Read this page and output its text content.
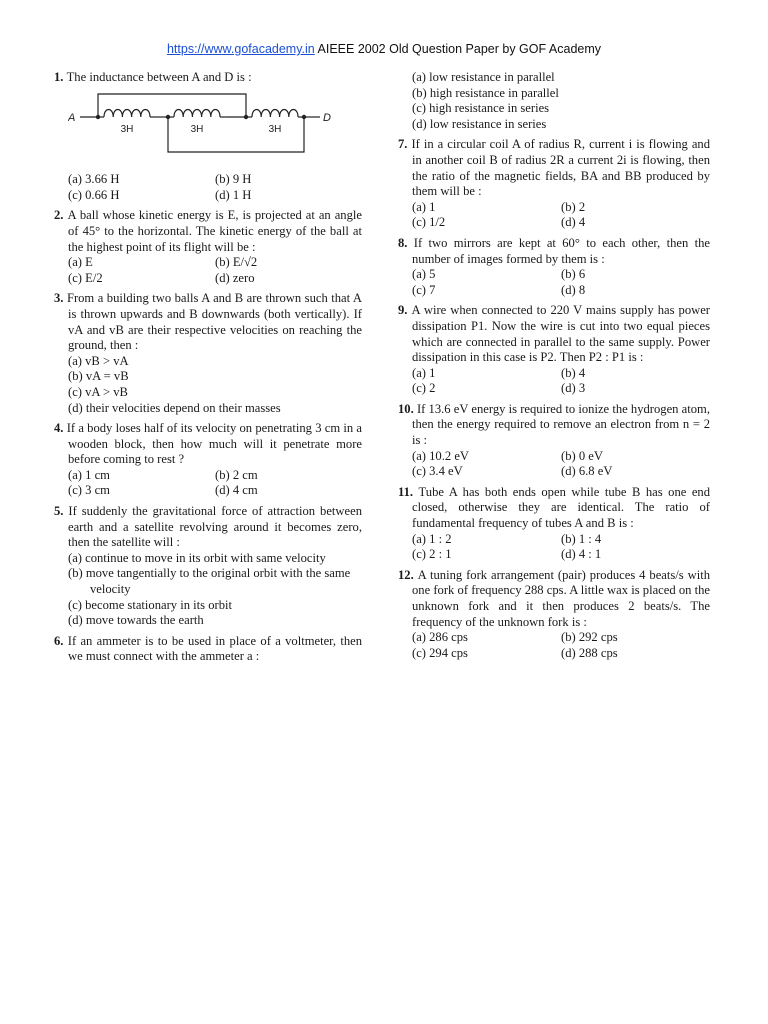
https://www.gofacademy.in AIEEE 2002 Old Question Paper by GOF Academy
1. The inductance between A and D is :
3H	3H	3H
A	D
(a) 3.66 H	(b) 9 H
(c) 0.66 H	(d) 1 H
2. A ball whose kinetic energy is E, is projected at an angle of 45° to the horizontal. The kinetic energy of the ball at the highest point of its flight will be :
(a) E	(b) E/√2
(c) E/2	(d) zero
3. From a building two balls A and B are thrown such that A is thrown upwards and B downwards (both vertically). If vA and vB are their respective velocities on reaching the ground, then :
(a) vB > vA
(b) vA = vB
(c) vA > vB
(d) their velocities depend on their masses
4. If a body loses half of its velocity on penetrating 3 cm in a wooden block, then how much will it penetrate more before coming to rest ?
(a) 1 cm	(b) 2 cm
(c) 3 cm	(d) 4 cm
5. If suddenly the gravitational force of attraction between earth and a satellite revolving around it becomes zero, then the satellite will :
(a) continue to move in its orbit with same velocity
(b) move tangentially to the original orbit with the same velocity
(c) become stationary in its orbit
(d) move towards the earth
6. If an ammeter is to be used in place of a voltmeter, then we must connect with the ammeter a :
(a) low resistance in parallel
(b) high resistance in parallel
(c) high resistance in series
(d) low resistance in series
7. If in a circular coil A of radius R, current i is flowing and in another coil B of radius 2R a current 2i is flowing, then the ratio of the magnetic fields, BA and BB produced by them will be :
(a) 1	(b) 2
(c) 1/2	(d) 4
8. If two mirrors are kept at 60° to each other, then the number of images formed by them is :
(a) 5	(b) 6
(c) 7	(d) 8
9. A wire when connected to 220 V mains supply has power dissipation P1. Now the wire is cut into two equal pieces which are connected in parallel to the same supply. Power dissipation in this case is P2. Then P2 : P1 is :
(a) 1	(b) 4
(c) 2	(d) 3
10. If 13.6 eV energy is required to ionize the hydrogen atom, then the energy required to remove an electron from n = 2 is :
(a) 10.2 eV	(b) 0 eV
(c) 3.4 eV	(d) 6.8 eV
11. Tube A has both ends open while tube B has one end closed, otherwise they are identical. The ratio of fundamental frequency of tubes A and B is :
(a) 1 : 2	(b) 1 : 4
(c) 2 : 1	(d) 4 : 1
12. A tuning fork arrangement (pair) produces 4 beats/s with one fork of frequency 288 cps. A little wax is placed on the unknown fork and it then produces 2 beats/s. The frequency of the unknown fork is :
(a) 286 cps	(b) 292 cps
(c) 294 cps	(d) 288 cps
